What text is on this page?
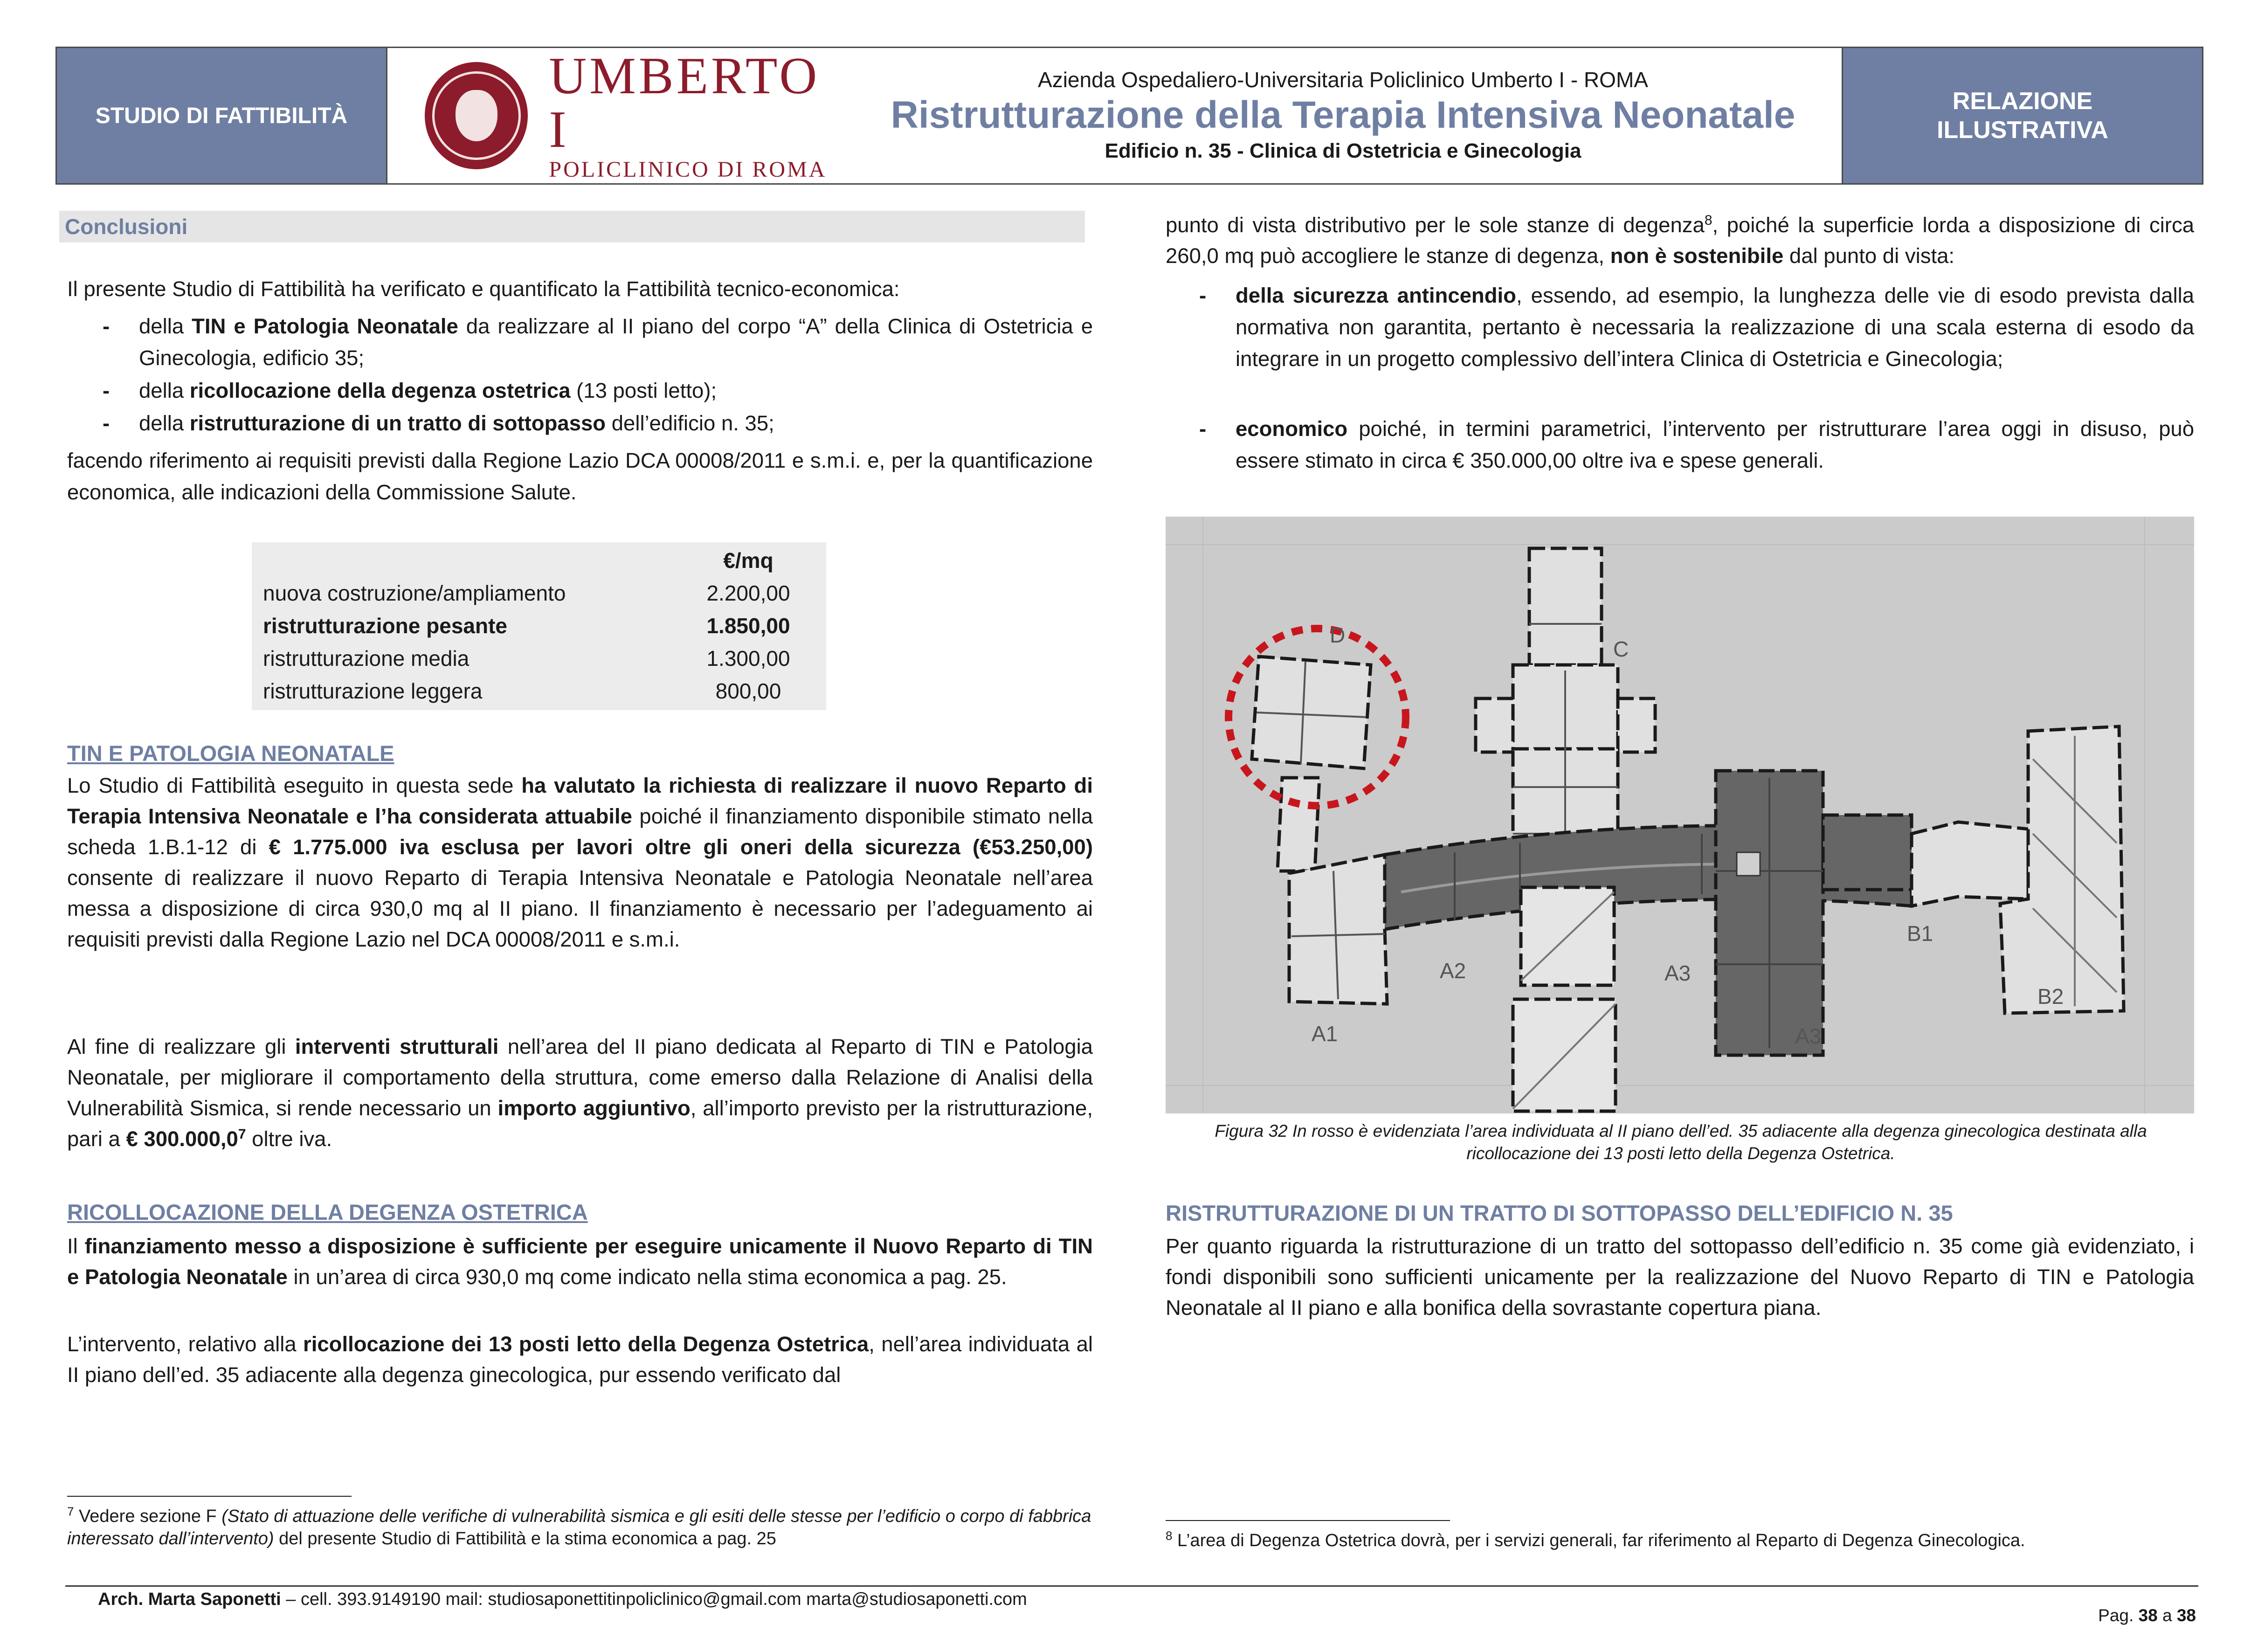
STUDIO DI FATTIBILITÀ
UMBERTO I
POLICLINICO DI ROMA
Azienda Ospedaliero-Universitaria Policlinico Umberto I - ROMA
Ristrutturazione della Terapia Intensiva Neonatale
Edificio n. 35 - Clinica di Ostetricia e Ginecologia
RELAZIONE
ILLUSTRATIVA
Conclusioni
Il presente Studio di Fattibilità ha verificato e quantificato la Fattibilità tecnico-economica:
- della TIN e Patologia Neonatale da realizzare al II piano del corpo “A” della Clinica di Ostetricia e Ginecologia, edificio 35;
- della ricollocazione della degenza ostetrica (13 posti letto);
- della ristrutturazione di un tratto di sottopasso dell’edificio n. 35;
facendo riferimento ai requisiti previsti dalla Regione Lazio DCA 00008/2011 e s.m.i. e, per la quantificazione economica, alle indicazioni della Commissione Salute.
€/mq
nuova costruzione/ampliamento	2.200,00
ristrutturazione pesante	1.850,00
ristrutturazione media	1.300,00
ristrutturazione leggera	800,00
TIN E PATOLOGIA NEONATALE
Lo Studio di Fattibilità eseguito in questa sede ha valutato la richiesta di realizzare il nuovo Reparto di Terapia Intensiva Neonatale e l’ha considerata attuabile poiché il finanziamento disponibile stimato nella scheda 1.B.1-12 di € 1.775.000 iva esclusa per lavori oltre gli oneri della sicurezza (€53.250,00) consente di realizzare il nuovo Reparto di Terapia Intensiva Neonatale e Patologia Neonatale nell’area messa a disposizione di circa 930,0 mq al II piano. Il finanziamento è necessario per l’adeguamento ai requisiti previsti dalla Regione Lazio nel DCA 00008/2011 e s.m.i.
Al fine di realizzare gli interventi strutturali nell’area del II piano dedicata al Reparto di TIN e Patologia Neonatale, per migliorare il comportamento della struttura, come emerso dalla Relazione di Analisi della Vulnerabilità Sismica, si rende necessario un importo aggiuntivo, all’importo previsto per la ristrutturazione, pari a € 300.000,0$^7$ oltre iva.
RICOLLOCAZIONE DELLA DEGENZA OSTETRICA
Il finanziamento messo a disposizione è sufficiente per eseguire unicamente il Nuovo Reparto di TIN e Patologia Neonatale in un’area di circa 930,0 mq come indicato nella stima economica a pag. 25.
L’intervento, relativo alla ricollocazione dei 13 posti letto della Degenza Ostetrica, nell’area individuata al II piano dell’ed. 35 adiacente alla degenza ginecologica, pur essendo verificato dal
$^7$ Vedere sezione F (Stato di attuazione delle verifiche di vulnerabilità sismica e gli esiti delle stesse per l’edificio o corpo di fabbrica interessato dall’intervento) del presente Studio di Fattibilità e la stima economica a pag. 25
punto di vista distributivo per le sole stanze di degenza$^8$, poiché la superficie lorda a disposizione di circa 260,0 mq può accogliere le stanze di degenza, non è sostenibile dal punto di vista:
- della sicurezza antincendio, essendo, ad esempio, la lunghezza delle vie di esodo prevista dalla normativa non garantita, pertanto è necessaria la realizzazione di una scala esterna di esodo da integrare in un progetto complessivo dell’intera Clinica di Ostetricia e Ginecologia;
- economico poiché, in termini parametrici, l’intervento per ristrutturare l’area oggi in disuso, può essere stimato in circa € 350.000,00 oltre iva e spese generali.
D
C
A1
A2	A3
A3
B1
B2
Figura 32 In rosso è evidenziata l’area individuata al II piano dell’ed. 35 adiacente alla degenza ginecologica destinata alla ricollocazione dei 13 posti letto della Degenza Ostetrica.
RISTRUTTURAZIONE DI UN TRATTO DI SOTTOPASSO DELL’EDIFICIO N. 35
Per quanto riguarda la ristrutturazione di un tratto del sottopasso dell’edificio n. 35 come già evidenziato, i fondi disponibili sono sufficienti unicamente per la realizzazione del Nuovo Reparto di TIN e Patologia Neonatale al II piano e alla bonifica della sovrastante copertura piana.
$^8$ L’area di Degenza Ostetrica dovrà, per i servizi generali, far riferimento al Reparto di Degenza Ginecologica.
Arch. Marta Saponetti – cell. 393.9149190 mail: studiosaponettitinpoliclinico@gmail.com marta@studiosaponetti.com
Pag. 38 a 38
